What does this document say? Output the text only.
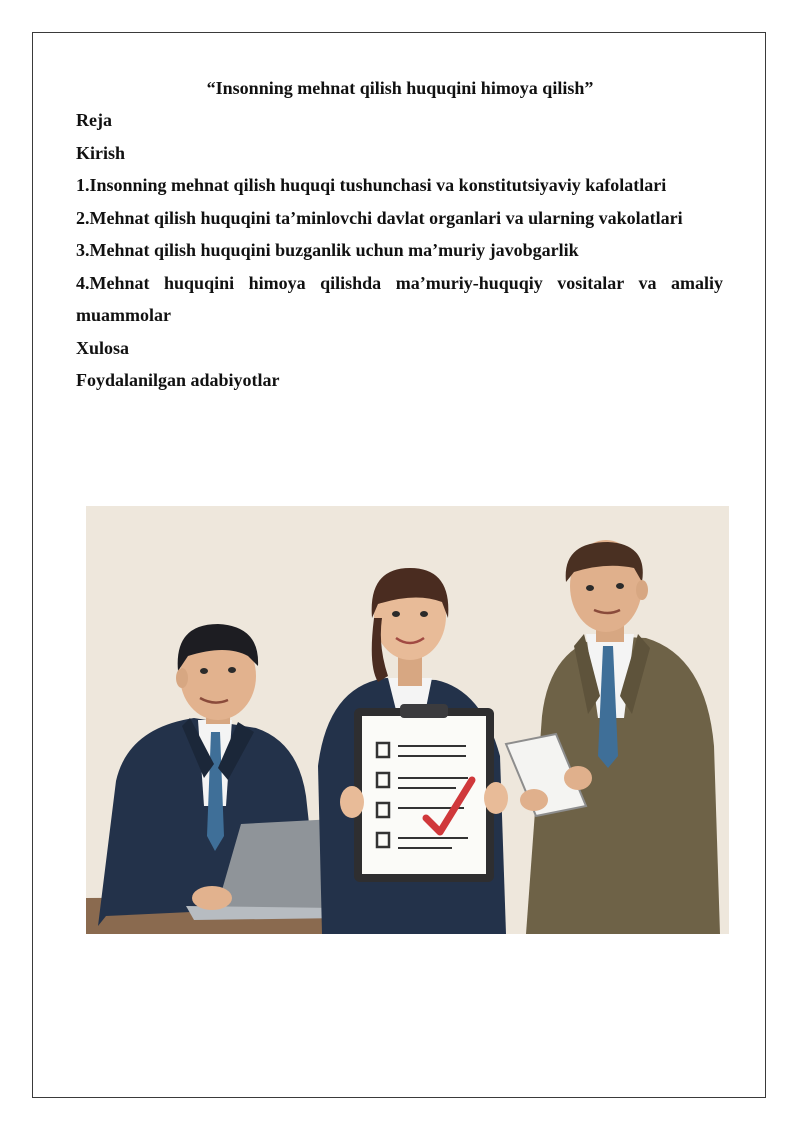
“Insonning mehnat qilish huquqini himoya qilish”
Reja
Kirish
1.Insonning mehnat qilish huquqi tushunchasi va konstitutsiyaviy kafolatlari
2.Mehnat qilish huquqini ta’minlovchi davlat organlari va ularning vakolatlari
3.Mehnat qilish huquqini buzganlik uchun ma’muriy javobgarlik
4.Mehnat huquqini himoya qilishda ma’muriy-huquqiy vositalar va amaliy
muammolar
Xulosa
Foydalanilgan adabiyotlar
